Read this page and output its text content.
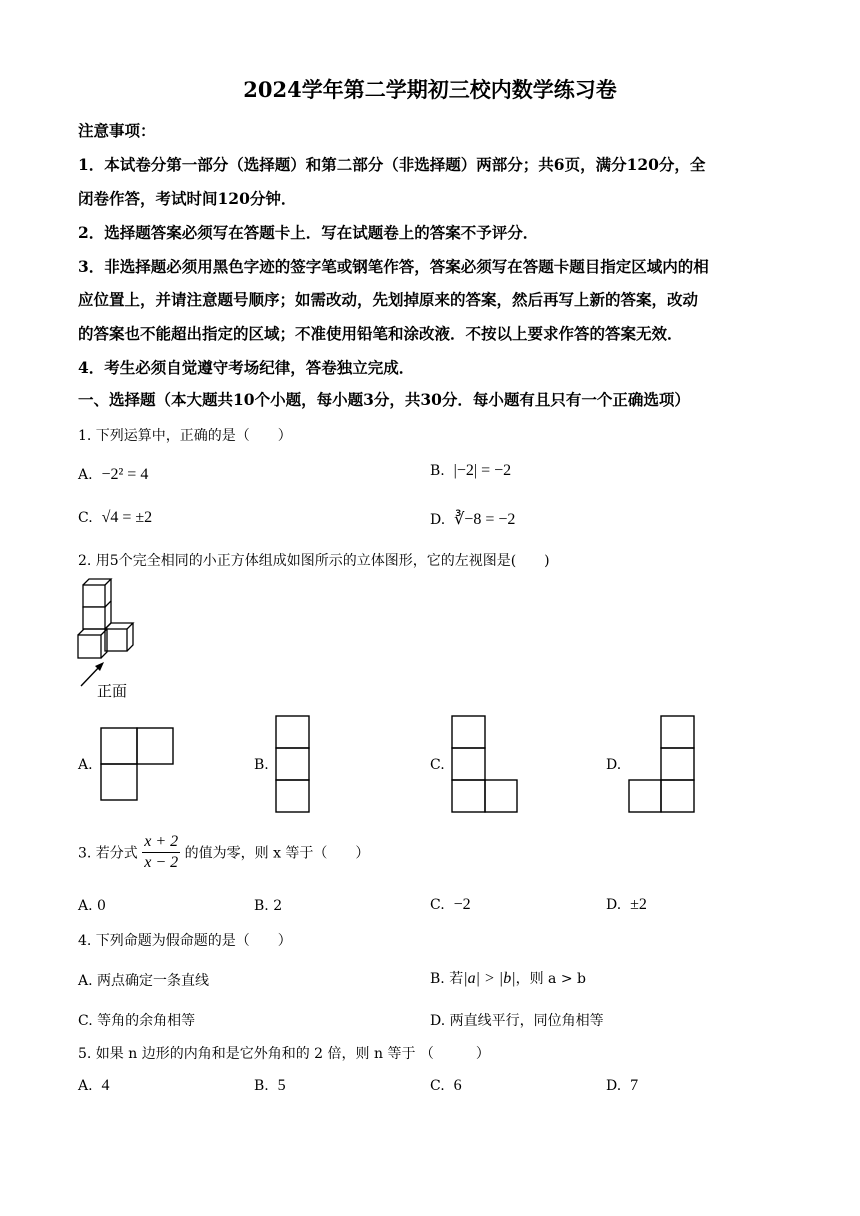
2024学年第二学期初三校内数学练习卷
注意事项：
1．本试卷分第一部分（选择题）和第二部分（非选择题）两部分；共6页，满分120分，全
闭卷作答，考试时间120分钟．
2．选择题答案必须写在答题卡上．写在试题卷上的答案不予评分．
3．非选择题必须用黑色字迹的签字笔或钢笔作答，答案必须写在答题卡题目指定区域内的相
应位置上，并请注意题号顺序；如需改动，先划掉原来的答案，然后再写上新的答案，改动
的答案也不能超出指定的区域；不准使用铅笔和涂改液．不按以上要求作答的答案无效．
4．考生必须自觉遵守考场纪律，答卷独立完成．
一、选择题（本大题共10个小题，每小题3分，共30分．每小题有且只有一个正确选项）
1. 下列运算中，正确的是（　　）
A. −2² = 4	B. |−2| = −2
C. √4 = ±2	D. ∛−8 = −2
2. 用5个完全相同的小正方体组成如图所示的立体图形，它的左视图是(　　)
正面
A.	B.	C.	D.
3. 若分式 $\frac{x + 2}{x - 2}$ 的值为零，则 x 等于（　　）
A. 0	B. 2	C. −2	D. ±2
4. 下列命题为假命题的是（　　）
A. 两点确定一条直线	B. 若|a| > |b|，则 a > b
C. 等角的余角相等	D. 两直线平行，同位角相等
5. 如果 n 边形的内角和是它外角和的 2 倍，则 n 等于 （　　　）
A. 4	B. 5	C. 6	D. 7
